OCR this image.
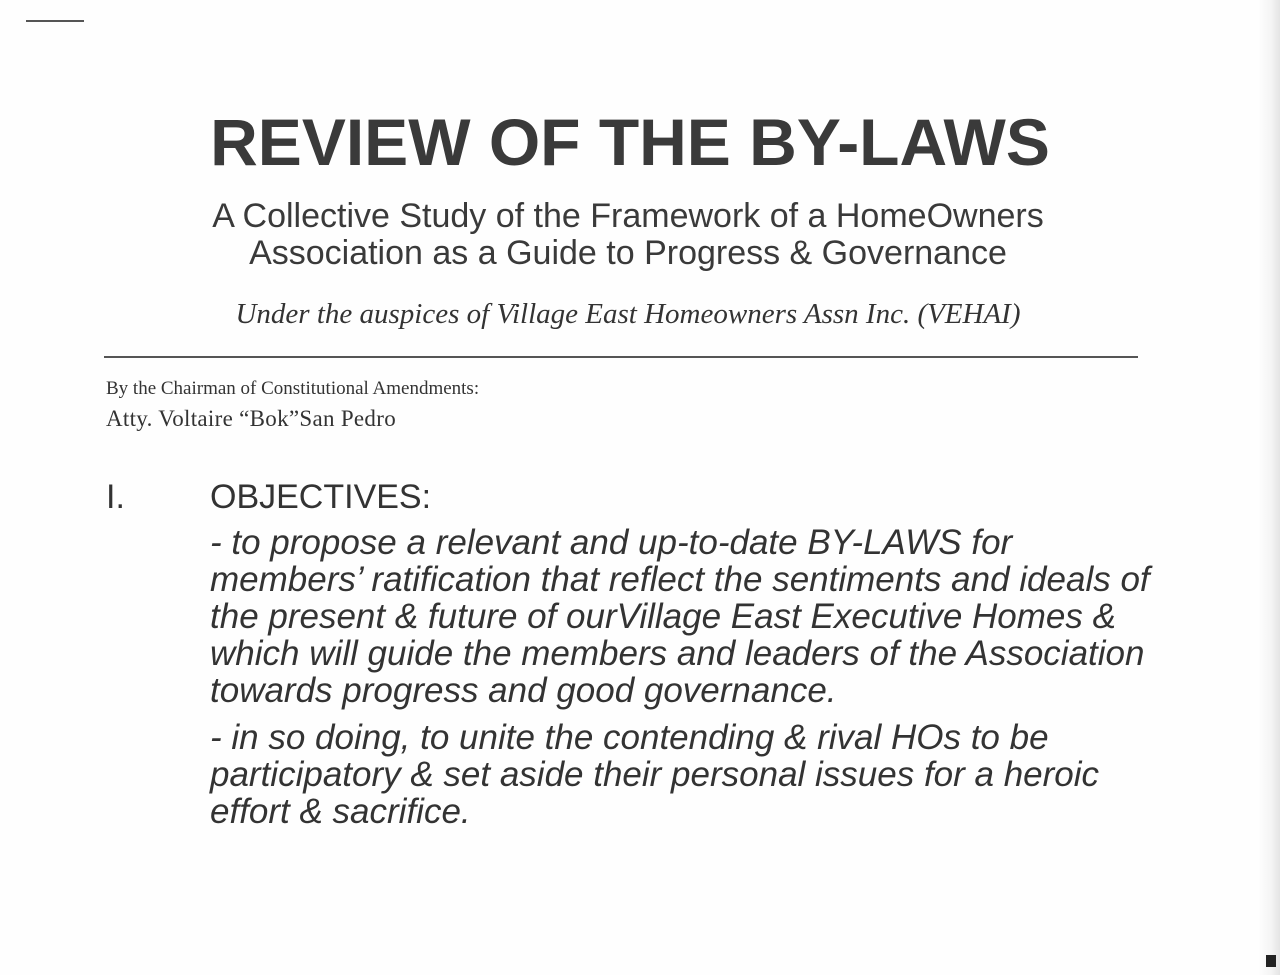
REVIEW OF THE BY-LAWS
A Collective Study of the Framework of a HomeOwners
Association as a Guide to Progress & Governance
Under the auspices of Village East Homeowners Assn Inc. (VEHAI)
By the Chairman of Constitutional Amendments:
Atty. Voltaire “Bok”San Pedro
I.	OBJECTIVES:
- to propose a relevant and up-to-date BY-LAWS for members’ ratification that reflect the sentiments and ideals of the present & future of ourVillage East Executive Homes & which will guide the members and leaders of the Association towards progress and good governance.
- in so doing, to unite the contending & rival HOs to be participatory & set aside their personal issues for a heroic effort & sacrifice.
